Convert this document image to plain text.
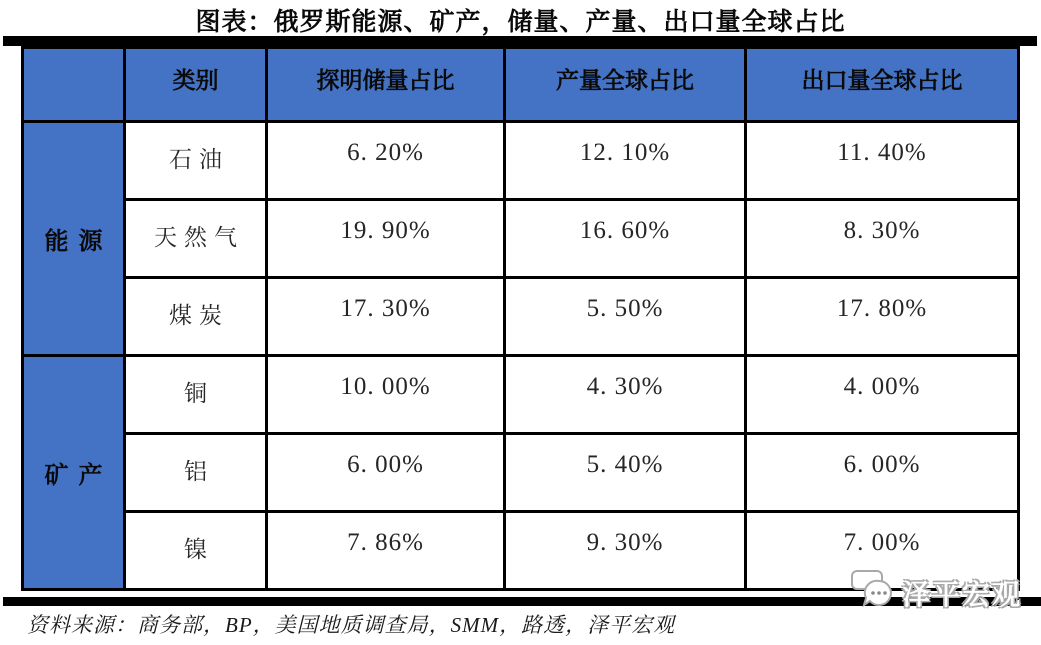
图表：俄罗斯能源、矿产，储量、产量、出口量全球占比
	类别	探明储量占比	产量全球占比	出口量全球占比
能源	石油	6. 20%	12. 10%	11. 40%
	天然气	19. 90%	16. 60%	8. 30%
	煤炭	17. 30%	5. 50%	17. 80%
矿产	铜	10. 00%	4. 30%	4. 00%
	铝	6. 00%	5. 40%	6. 00%
	镍	7. 86%	9. 30%	7. 00%
资料来源：商务部，BP，美国地质调查局，SMM，路透，泽平宏观
泽平宏观
